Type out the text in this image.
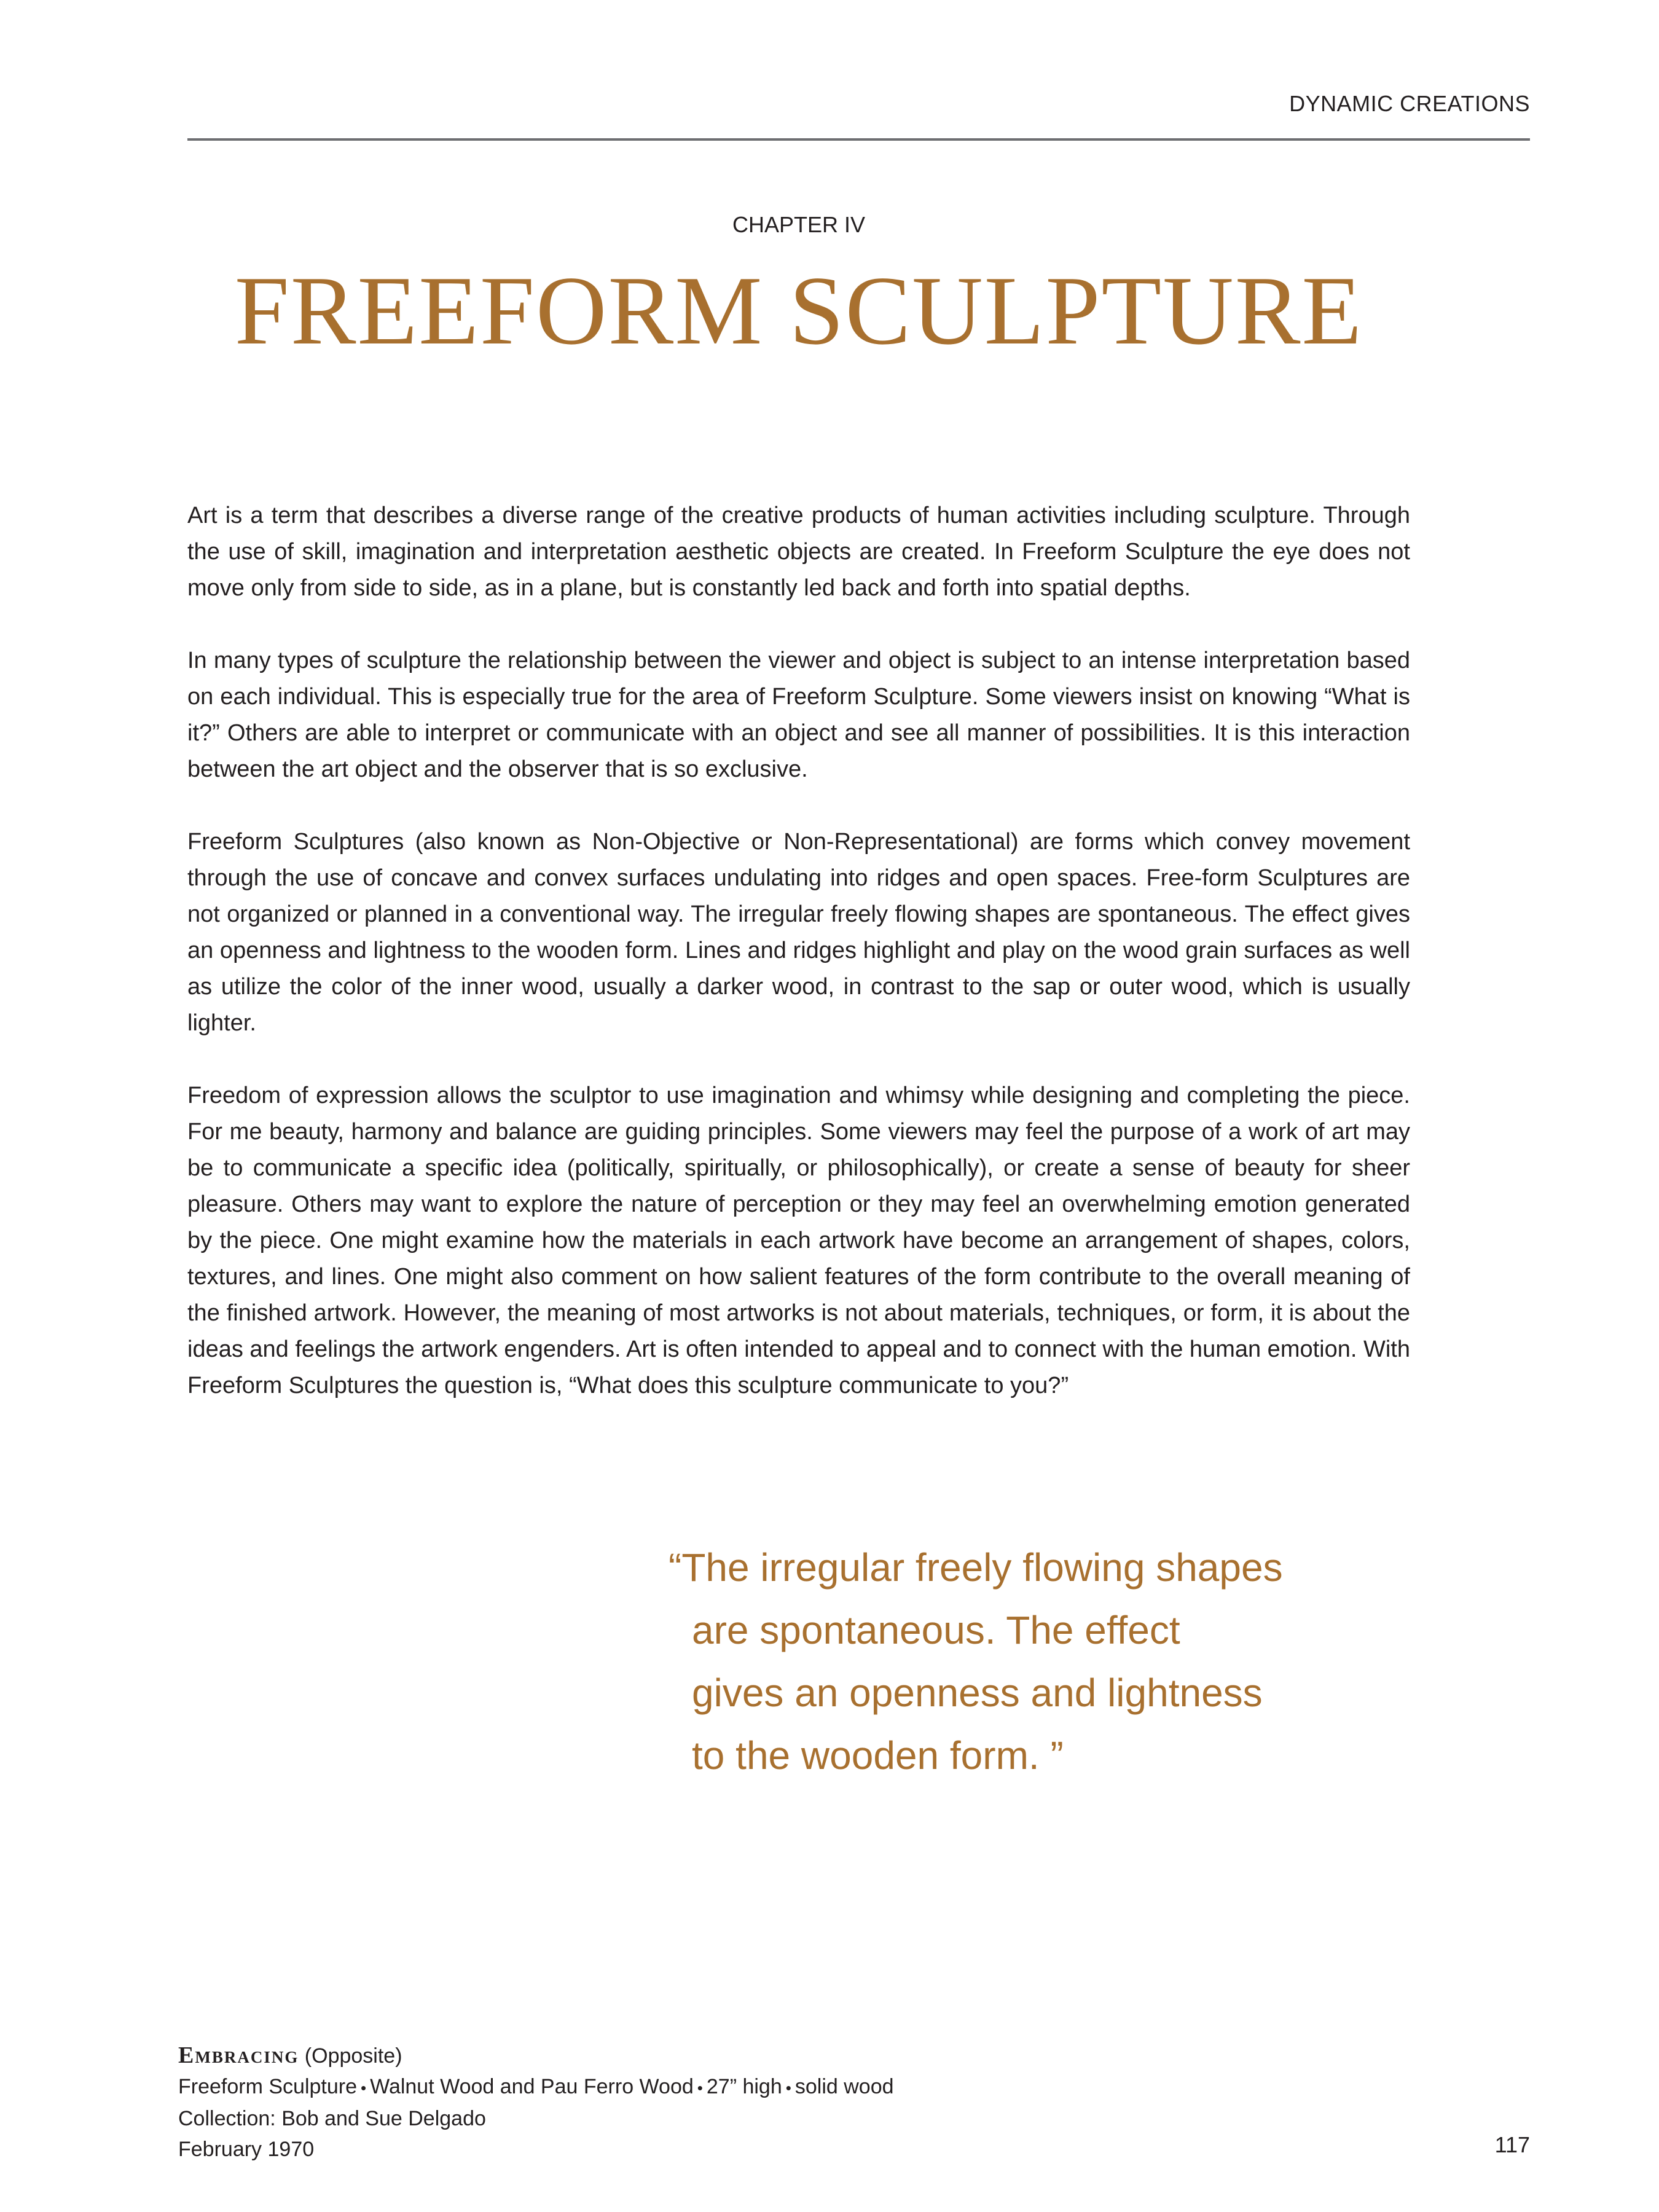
DYNAMIC CREATIONS
CHAPTER IV
FREEFORM SCULPTURE

Art is a term that describes a diverse range of the creative products of human activities including sculpture. Through the use of skill, imagination and interpretation aesthetic objects are created. In Freeform Sculpture the eye does not move only from side to side, as in a plane, but is constantly led back and forth into spatial depths.

In many types of sculpture the relationship between the viewer and object is subject to an intense interpretation based on each individual. This is especially true for the area of Freeform Sculpture. Some viewers insist on knowing “What is it?” Others are able to interpret or communicate with an object and see all manner of possibilities. It is this interaction between the art object and the observer that is so exclusive.

Freeform Sculptures (also known as Non-Objective or Non-Representational) are forms which convey movement through the use of concave and convex surfaces undulating into ridges and open spaces. Free-form Sculptures are not organized or planned in a conventional way. The irregular freely flowing shapes are spontaneous. The effect gives an openness and lightness to the wooden form. Lines and ridges highlight and play on the wood grain surfaces as well as utilize the color of the inner wood, usually a darker wood, in contrast to the sap or outer wood, which is usually lighter.

Freedom of expression allows the sculptor to use imagination and whimsy while designing and completing the piece. For me beauty, harmony and balance are guiding principles. Some viewers may feel the purpose of a work of art may be to communicate a specific idea (politically, spiritually, or philosophically), or create a sense of beauty for sheer pleasure. Others may want to explore the nature of perception or they may feel an overwhelming emotion generated by the piece. One might examine how the materials in each artwork have become an arrangement of shapes, colors, textures, and lines. One might also comment on how salient features of the form contribute to the overall meaning of the finished artwork. However, the meaning of most artworks is not about materials, techniques, or form, it is about the ideas and feelings the artwork engenders. Art is often intended to appeal and to connect with the human emotion. With Freeform Sculptures the question is, “What does this sculpture communicate to you?”

“The irregular freely flowing shapes
are spontaneous. The effect
gives an openness and lightness
to the wooden form. ”
Embracing (Opposite)
Freeform Sculpture • Walnut Wood and Pau Ferro Wood • 27” high • solid wood
Collection: Bob and Sue Delgado
February 1970	117
